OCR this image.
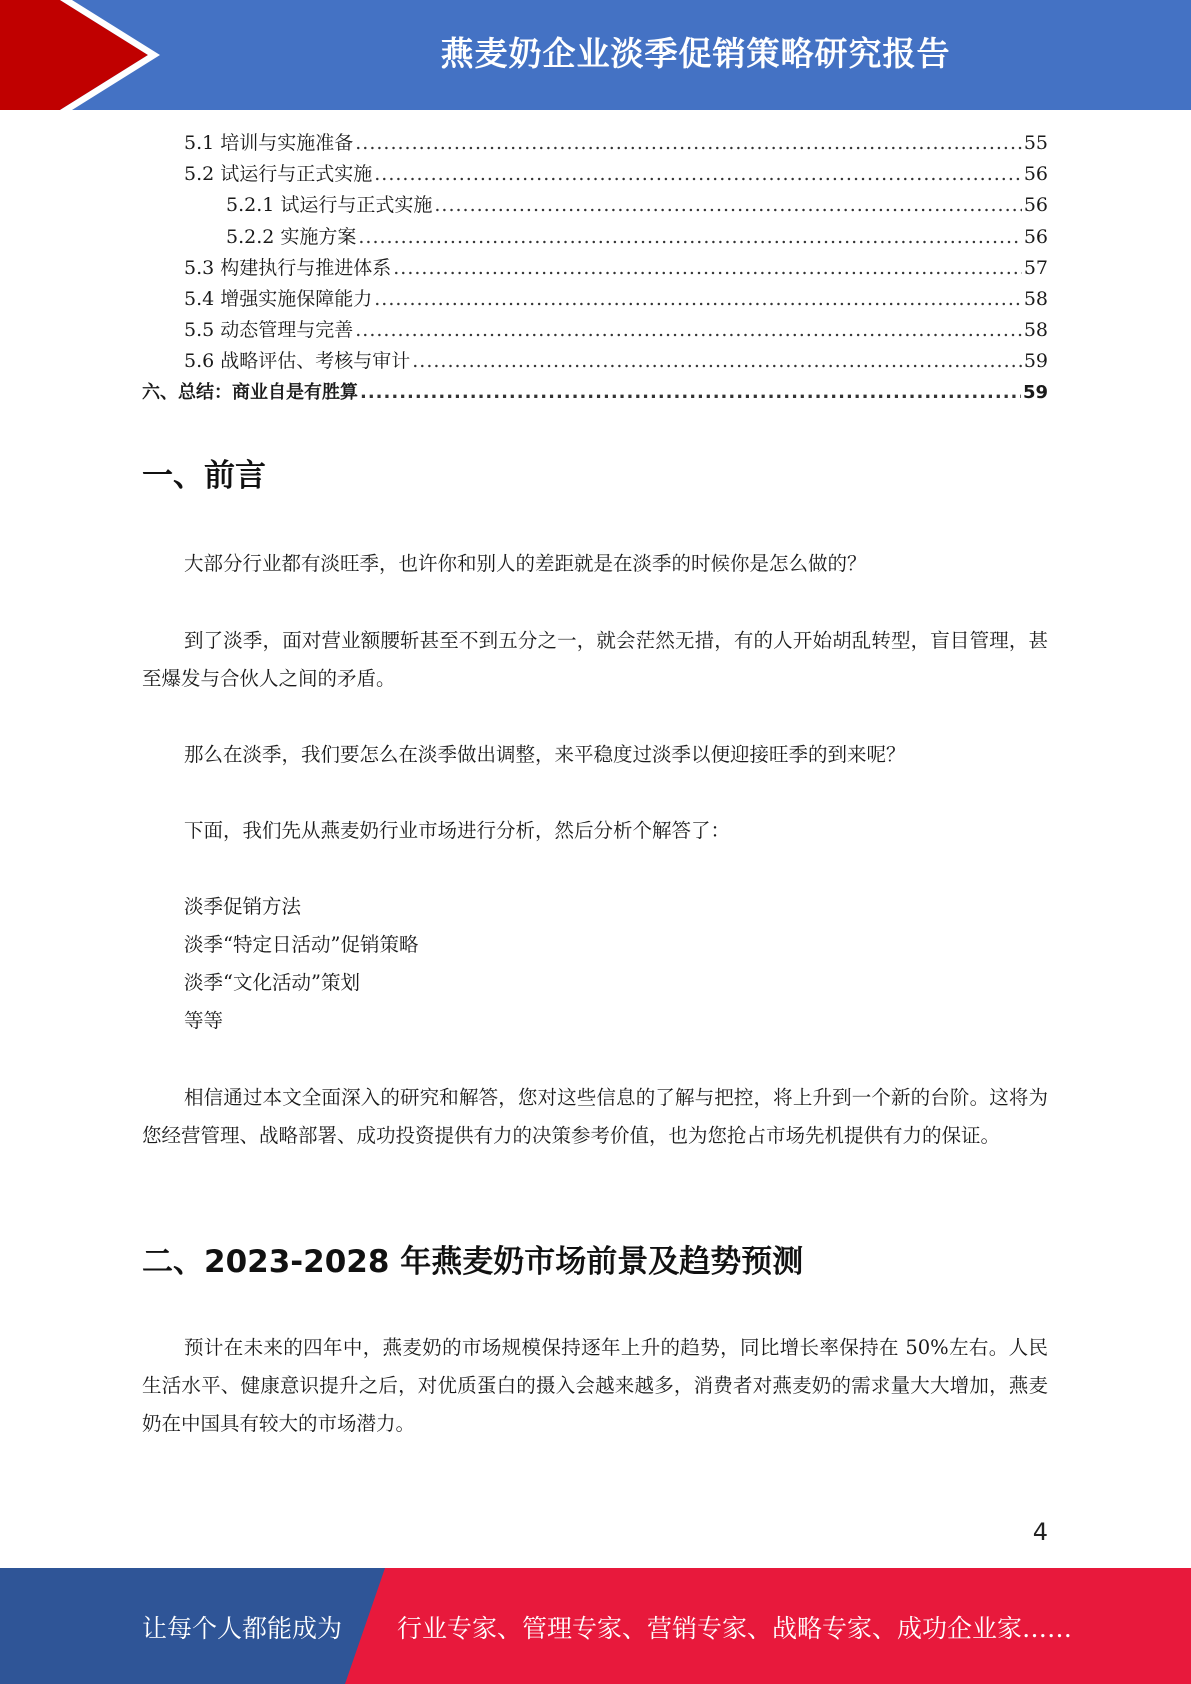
燕麦奶企业淡季促销策略研究报告
5.1 培训与实施准备 .....	55
5.2 试运行与正式实施 .....	56
5.2.1 试运行与正式实施 .....	56
5.2.2 实施方案 .....	56
5.3 构建执行与推进体系 .....	57
5.4 增强实施保障能力 .....	58
5.5 动态管理与完善 .....	58
5.6 战略评估、考核与审计 .....	59
六、总结：商业自是有胜算 .....	59
一、前言
大部分行业都有淡旺季，也许你和别人的差距就是在淡季的时候你是怎么做的？
到了淡季，面对营业额腰斩甚至不到五分之一，就会茫然无措，有的人开始胡乱转型，盲目管理，甚至爆发与合伙人之间的矛盾。
那么在淡季，我们要怎么在淡季做出调整，来平稳度过淡季以便迎接旺季的到来呢？
下面，我们先从燕麦奶行业市场进行分析，然后分析个解答了：
淡季促销方法
淡季“特定日活动”促销策略
淡季“文化活动”策划
等等
相信通过本文全面深入的研究和解答，您对这些信息的了解与把控，将上升到一个新的台阶。这将为您经营管理、战略部署、成功投资提供有力的决策参考价值，也为您抢占市场先机提供有力的保证。
二、2023-2028 年燕麦奶市场前景及趋势预测
预计在未来的四年中，燕麦奶的市场规模保持逐年上升的趋势，同比增长率保持在 50%左右。人民生活水平、健康意识提升之后，对优质蛋白的摄入会越来越多，消费者对燕麦奶的需求量大大增加，燕麦奶在中国具有较大的市场潜力。
4
让每个人都能成为 行业专家、管理专家、营销专家、战略专家、成功企业家……
